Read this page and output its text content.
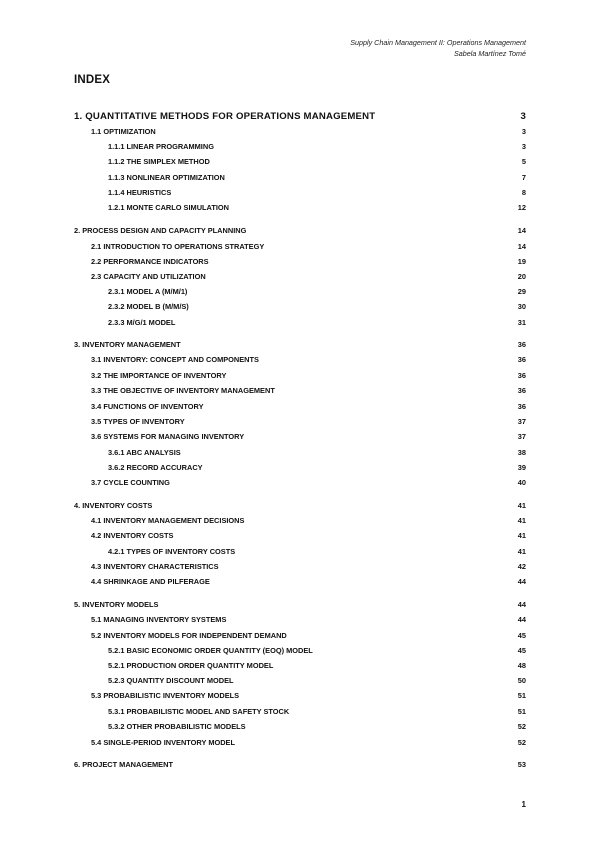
Supply Chain Management II: Operations Management
Sabela Martínez Tomé
INDEX
1. QUANTITATIVE METHODS FOR OPERATIONS MANAGEMENT	3
1.1 OPTIMIZATION	3
1.1.1 LINEAR PROGRAMMING	3
1.1.2 THE SIMPLEX METHOD	5
1.1.3 NONLINEAR OPTIMIZATION	7
1.1.4 HEURISTICS	8
1.2.1 MONTE CARLO SIMULATION	12
2. PROCESS DESIGN AND CAPACITY PLANNING	14
2.1 INTRODUCTION TO OPERATIONS STRATEGY	14
2.2 PERFORMANCE INDICATORS	19
2.3 CAPACITY AND UTILIZATION	20
2.3.1 MODEL A (M/M/1)	29
2.3.2 MODEL B (M/M/S)	30
2.3.3 M/G/1 MODEL	31
3. INVENTORY MANAGEMENT	36
3.1 INVENTORY: CONCEPT AND COMPONENTS	36
3.2 THE IMPORTANCE OF INVENTORY	36
3.3 THE OBJECTIVE OF INVENTORY MANAGEMENT	36
3.4 FUNCTIONS OF INVENTORY	36
3.5 TYPES OF INVENTORY	37
3.6 SYSTEMS FOR MANAGING INVENTORY	37
3.6.1 ABC ANALYSIS	38
3.6.2 RECORD ACCURACY	39
3.7 CYCLE COUNTING	40
4. INVENTORY COSTS	41
4.1 INVENTORY MANAGEMENT DECISIONS	41
4.2 INVENTORY COSTS	41
4.2.1 TYPES OF INVENTORY COSTS	41
4.3 INVENTORY CHARACTERISTICS	42
4.4 SHRINKAGE AND PILFERAGE	44
5. INVENTORY MODELS	44
5.1 MANAGING INVENTORY SYSTEMS	44
5.2 INVENTORY MODELS FOR INDEPENDENT DEMAND	45
5.2.1 BASIC ECONOMIC ORDER QUANTITY (EOQ) MODEL	45
5.2.1 PRODUCTION ORDER QUANTITY MODEL	48
5.2.3 QUANTITY DISCOUNT MODEL	50
5.3 PROBABILISTIC INVENTORY MODELS	51
5.3.1 PROBABILISTIC MODEL AND SAFETY STOCK	51
5.3.2 OTHER PROBABILISTIC MODELS	52
5.4 SINGLE-PERIOD INVENTORY MODEL	52
6. PROJECT MANAGEMENT	53
1
